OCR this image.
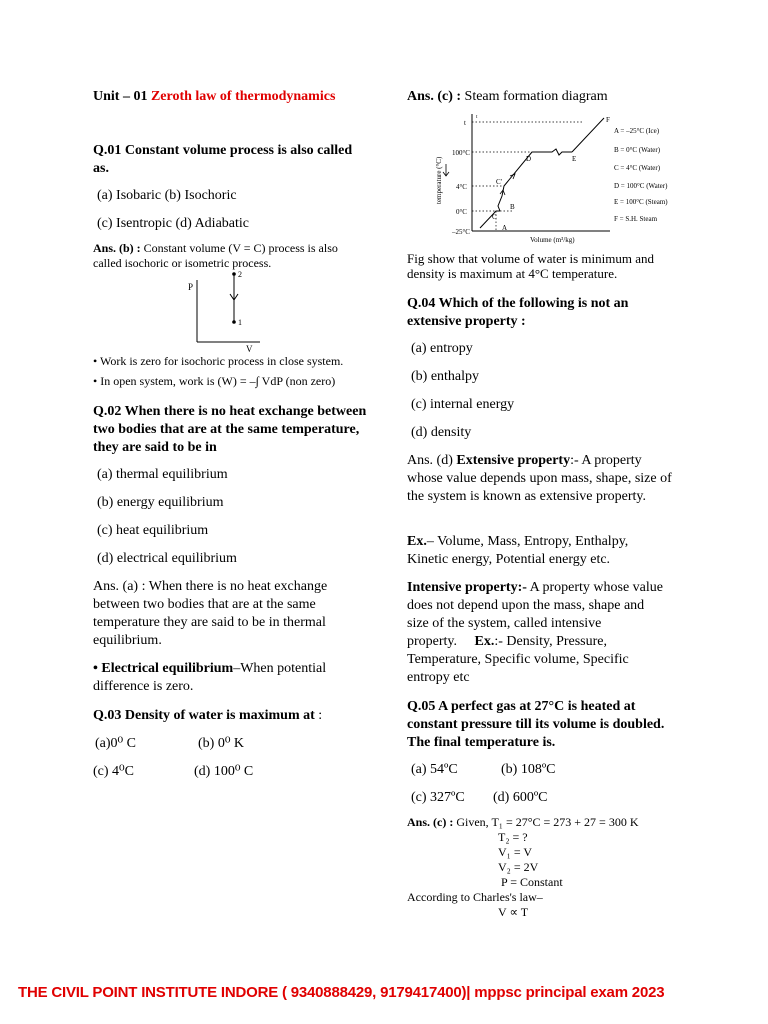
Unit – 01 Zeroth law of thermodynamics
Q.01 Constant volume process is also called as.
(a) Isobaric (b) Isochoric
(c) Isentropic (d) Adiabatic
Ans. (b) : Constant volume (V = C) process is also called isochoric or isometric process.
P
V
2
1
• Work is zero for isochoric process in close system.
• In open system, work is (W) = –∫ VdP (non zero)
Q.02 When there is no heat exchange between two bodies that are at the same temperature, they are said to be in
(a) thermal equilibrium
(b) energy equilibrium
(c) heat equilibrium
(d) electrical equilibrium
Ans. (a) : When there is no heat exchange between two bodies that are at the same temperature they are said to be in thermal equilibrium.
• Electrical equilibrium–When potential difference is zero.
Q.03 Density of water is maximum at :
(a)0⁰ C	(b) 0⁰ K
(c) 4⁰C	(d) 100⁰ C
Ans. (c) : Steam formation diagram
t
100°C
4°C
0°C
–25°C
t
temperature (°C)
Volume (m³/kg)
A
B
C
C'
D	E
F
A = –25°C (Ice)
B = 0°C (Water)
C = 4°C (Water)
D = 100°C (Water)
E = 100°C (Steam)
F = S.H. Steam
Fig show that volume of water is minimum and density is maximum at 4°C temperature.
Q.04 Which of the following is not an extensive property :
(a) entropy
(b) enthalpy
(c) internal energy
(d) density
Ans. (d) Extensive property:- A property whose value depends upon mass, shape, size of the system is known as extensive property.
Ex.– Volume, Mass, Entropy, Enthalpy, Kinetic energy, Potential energy etc.
Intensive property:- A property whose value does not depend upon the mass, shape and size of the system, called intensive property. Ex.:- Density, Pressure, Temperature, Specific volume, Specific entropy etc
Q.05 A perfect gas at 27°C is heated at constant pressure till its volume is doubled. The final temperature is.
(a) 54ºC	(b) 108ºC
(c) 327ºC (d) 600ºC
Ans. (c) : Given, T₁ = 27°C = 273 + 27 = 300 K
T₂ = ?
V₁ = V
V₂ = 2V
P = Constant
According to Charles's law–
V ∝ T
THE CIVIL POINT INSTITUTE INDORE ( 9340888429, 9179417400)| mppsc principal exam 2023
